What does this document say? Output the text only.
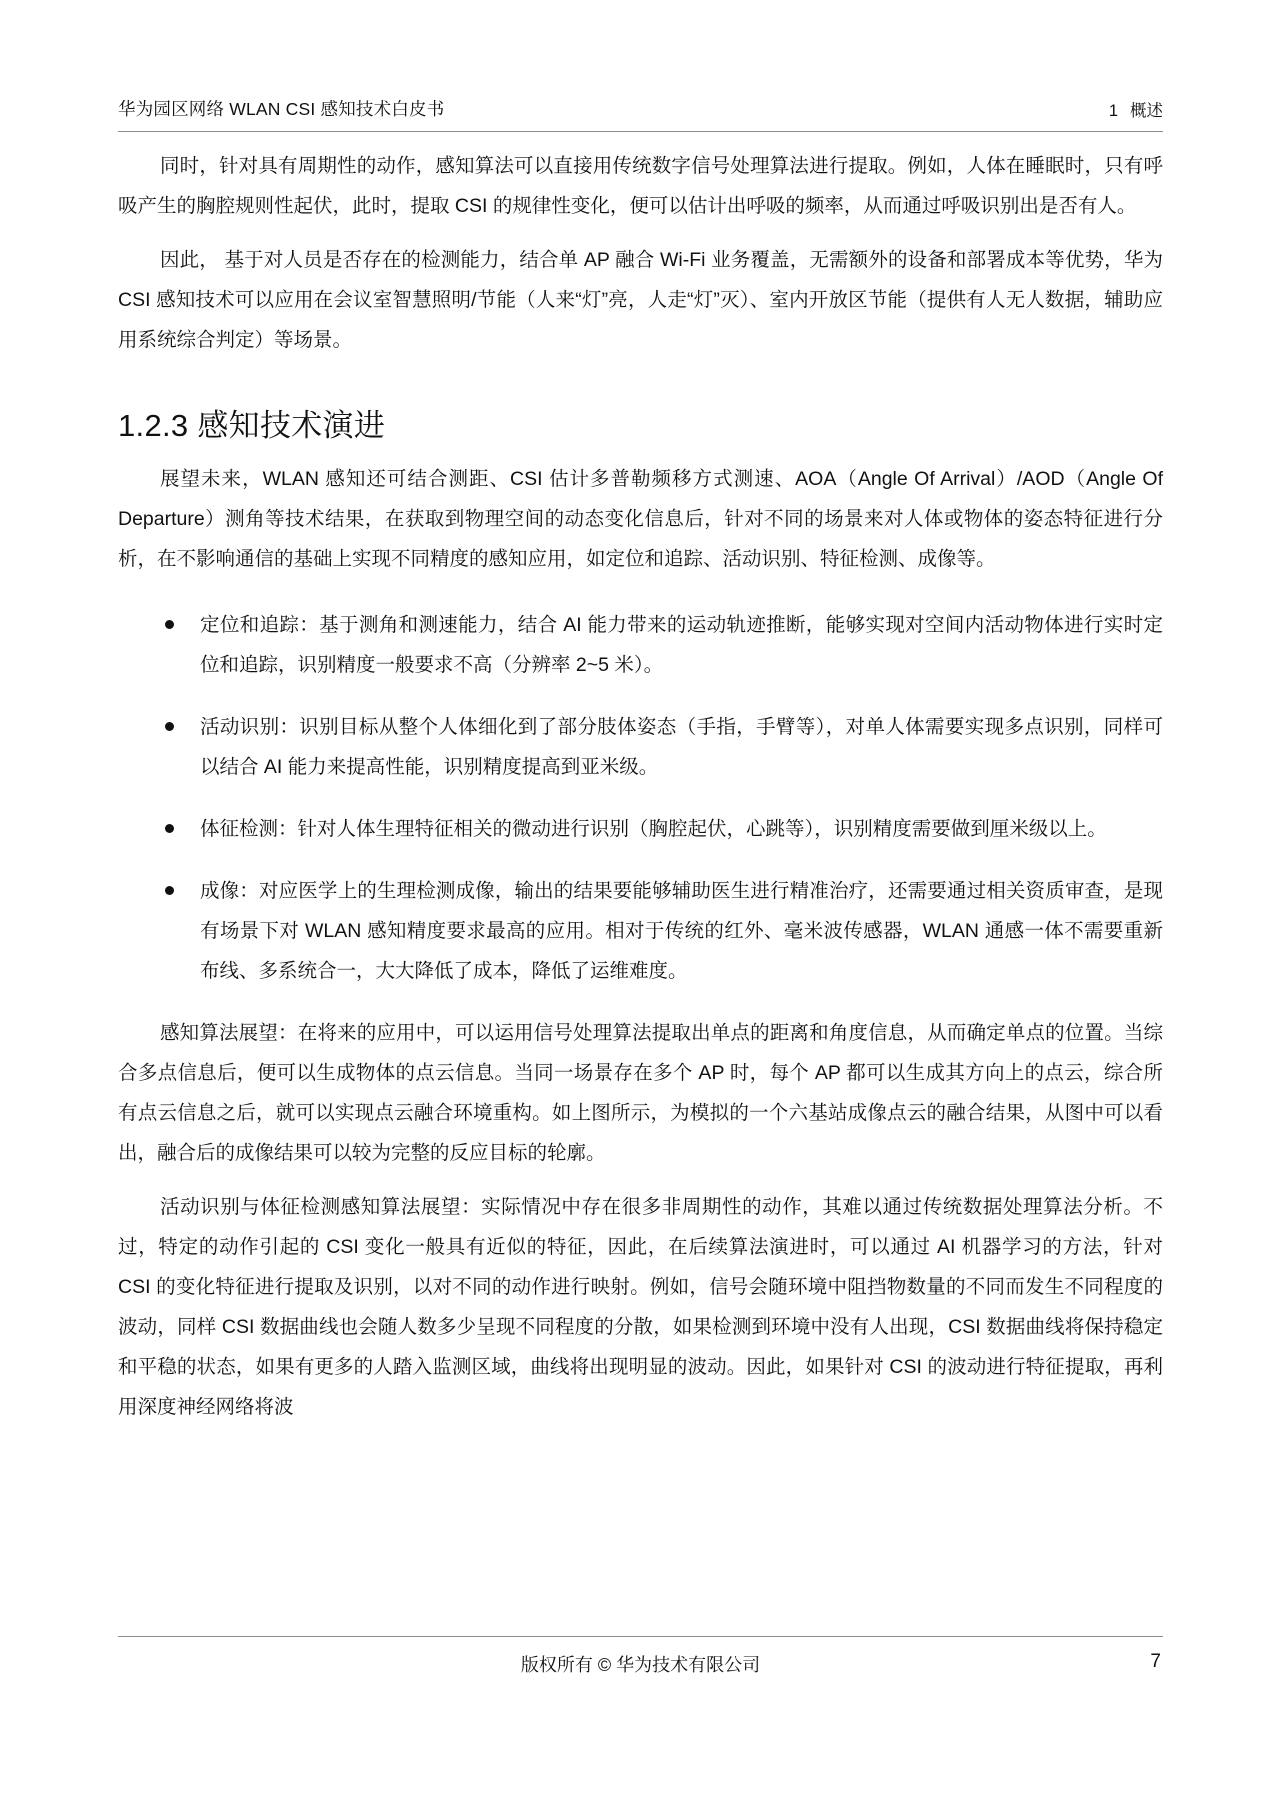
华为园区网络 WLAN CSI 感知技术白皮书	1 概述

同时，针对具有周期性的动作，感知算法可以直接用传统数字信号处理算法进行提取。例如，人体在睡眠时，只有呼吸产生的胸腔规则性起伏，此时，提取 CSI 的规律性变化，便可以估计出呼吸的频率，从而通过呼吸识别出是否有人。

因此， 基于对人员是否存在的检测能力，结合单 AP 融合 Wi-Fi 业务覆盖，无需额外的设备和部署成本等优势，华为 CSI 感知技术可以应用在会议室智慧照明/节能（人来“灯”亮，人走“灯”灭）、室内开放区节能（提供有人无人数据，辅助应用系统综合判定）等场景。

1.2.3 感知技术演进

展望未来，WLAN 感知还可结合测距、CSI 估计多普勒频移方式测速、AOA（Angle Of Arrival）/AOD（Angle Of Departure）测角等技术结果，在获取到物理空间的动态变化信息后，针对不同的场景来对人体或物体的姿态特征进行分析，在不影响通信的基础上实现不同精度的感知应用，如定位和追踪、活动识别、特征检测、成像等。

定位和追踪：基于测角和测速能力，结合 AI 能力带来的运动轨迹推断，能够实现对空间内活动物体进行实时定位和追踪，识别精度一般要求不高（分辨率 2~5 米）。
活动识别：识别目标从整个人体细化到了部分肢体姿态（手指，手臂等），对单人体需要实现多点识别，同样可以结合 AI 能力来提高性能，识别精度提高到亚米级。
体征检测：针对人体生理特征相关的微动进行识别（胸腔起伏，心跳等），识别精度需要做到厘米级以上。
成像：对应医学上的生理检测成像，输出的结果要能够辅助医生进行精准治疗，还需要通过相关资质审查，是现有场景下对 WLAN 感知精度要求最高的应用。相对于传统的红外、毫米波传感器，WLAN 通感一体不需要重新布线、多系统合一，大大降低了成本，降低了运维难度。

感知算法展望：在将来的应用中，可以运用信号处理算法提取出单点的距离和角度信息，从而确定单点的位置。当综合多点信息后，便可以生成物体的点云信息。当同一场景存在多个 AP 时，每个 AP 都可以生成其方向上的点云，综合所有点云信息之后，就可以实现点云融合环境重构。如上图所示，为模拟的一个六基站成像点云的融合结果，从图中可以看出，融合后的成像结果可以较为完整的反应目标的轮廓。

活动识别与体征检测感知算法展望：实际情况中存在很多非周期性的动作，其难以通过传统数据处理算法分析。不过，特定的动作引起的 CSI 变化一般具有近似的特征，因此，在后续算法演进时，可以通过 AI 机器学习的方法，针对 CSI 的变化特征进行提取及识别，以对不同的动作进行映射。例如，信号会随环境中阻挡物数量的不同而发生不同程度的波动，同样 CSI 数据曲线也会随人数多少呈现不同程度的分散，如果检测到环境中没有人出现，CSI 数据曲线将保持稳定和平稳的状态，如果有更多的人踏入监测区域，曲线将出现明显的波动。因此，如果针对 CSI 的波动进行特征提取，再利用深度神经网络将波

版权所有 © 华为技术有限公司	7
